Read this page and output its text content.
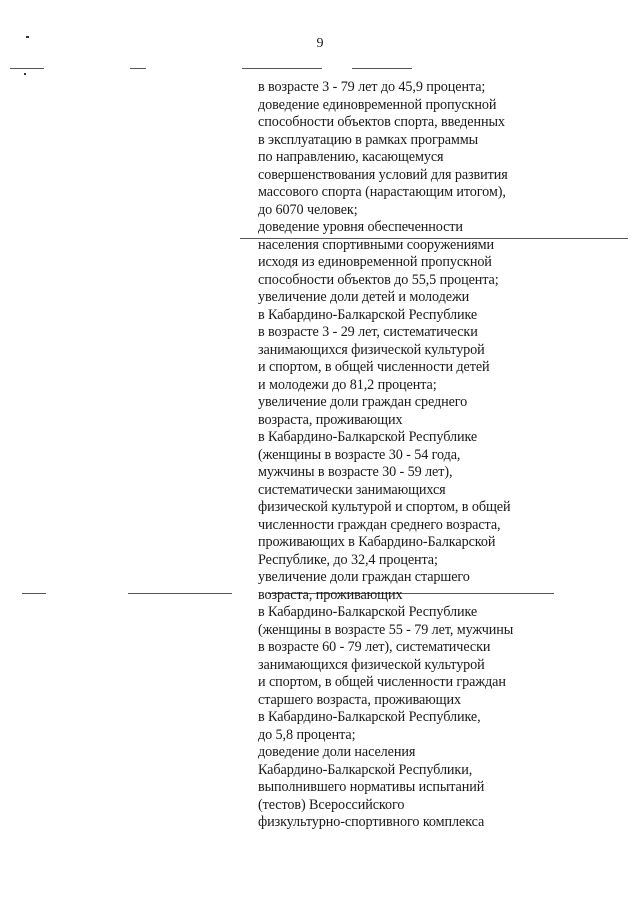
9
в возрасте 3 - 79 лет до 45,9 процента;
доведение единовременной пропускной
способности объектов спорта, введенных
в эксплуатацию в рамках программы
по направлению, касающемуся
совершенствования условий для развития
массового спорта (нарастающим итогом),
до 6070 человек;
доведение уровня обеспеченности
населения спортивными сооружениями
исходя из единовременной пропускной
способности объектов до 55,5 процента;
увеличение доли детей и молодежи
в Кабардино-Балкарской Республике
в возрасте 3 - 29 лет, систематически
занимающихся физической культурой
и спортом, в общей численности детей
и молодежи до 81,2 процента;
увеличение доли граждан среднего
возраста, проживающих
в Кабардино-Балкарской Республике
(женщины в возрасте 30 - 54 года,
мужчины в возрасте 30 - 59 лет),
систематически занимающихся
физической культурой и спортом, в общей
численности граждан среднего возраста,
проживающих в Кабардино-Балкарской
Республике, до 32,4 процента;
увеличение доли граждан старшего
возраста, проживающих
в Кабардино-Балкарской Республике
(женщины в возрасте 55 - 79 лет, мужчины
в возрасте 60 - 79 лет), систематически
занимающихся физической культурой
и спортом, в общей численности граждан
старшего возраста, проживающих
в Кабардино-Балкарской Республике,
до 5,8 процента;
доведение доли населения
Кабардино-Балкарской Республики,
выполнившего нормативы испытаний
(тестов) Всероссийского
физкультурно-спортивного комплекса
